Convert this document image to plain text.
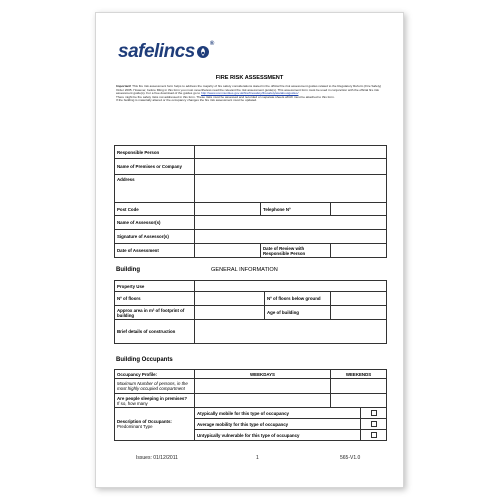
safelincs	®
FIRE RISK ASSESSMENT

Important! This fire risk assessment form helps to address the majority of fire safety considerations stated in the official fire risk assessment guides related to the Regulatory Reform (Fire Safety) Order 2005. However, before filling in this form you must nevertheless read the relevant fire risk assessment guide(s). This assessment form must be used in conjunction with the official fire risk assessment guide(s). For a free download of the guides go to http://www.communities.gov.uk/fire/firesafety/firesafetylaw/aboutguides/

There might be fire safety risks not addressed in this form. These risks must be assessed and recorded on separate sheets which must be attached to this form.

If the building is materially altered or the occupancy changes the fire risk assessment must be updated.

Responsible Person			
Name of Premises or Company			
Address			
Post Code		Telephone Nº	
Name of Assessor(s)			
Signature of Assessor(s)			
Date of Assessment		Date of Review with Responsible Person	
Building	GENERAL INFORMATION
Property Use			
Nº of floors		Nº of floors below ground	
Approx area in m² of footprint of building		Age of building	
Brief details of construction			
Building Occupants
Occupancy Profile:	WEEKDAYS	WEEKENDS	
Maximum Number of persons, in the most highly occupied compartment			

Are people sleeping in premises?
If so, how many			

Description of Occupants:
Predominant Type	Atypically mobile for this type of occupancy		
	Average mobility for this type of occupancy		
	Untypically vulnerable for this type of occupancy		
Issues: 01/12/2011	1	565-V1.0
